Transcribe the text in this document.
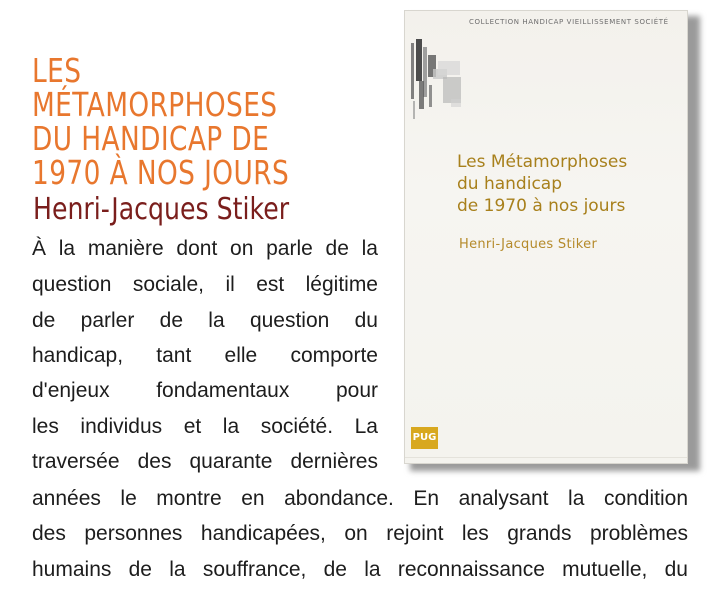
LES
MÉTAMORPHOSES
DU HANDICAP DE
1970 À NOS JOURS
Henri-Jacques Stiker
À la manière dont on parle de la
question sociale, il est légitime
de parler de la question du
handicap, tant elle comporte
d'enjeux fondamentaux pour
les individus et la société. La
traversée des quarante dernières
années le montre en abondance. En analysant la condition
des personnes handicapées, on rejoint les grands problèmes
humains de la souffrance, de la reconnaissance mutuelle, du
COLLECTION HANDICAP VIEILLISSEMENT SOCIÉTÉ
Les Métamorphoses
du handicap
de 1970 à nos jours
Henri-Jacques Stiker
PUG
